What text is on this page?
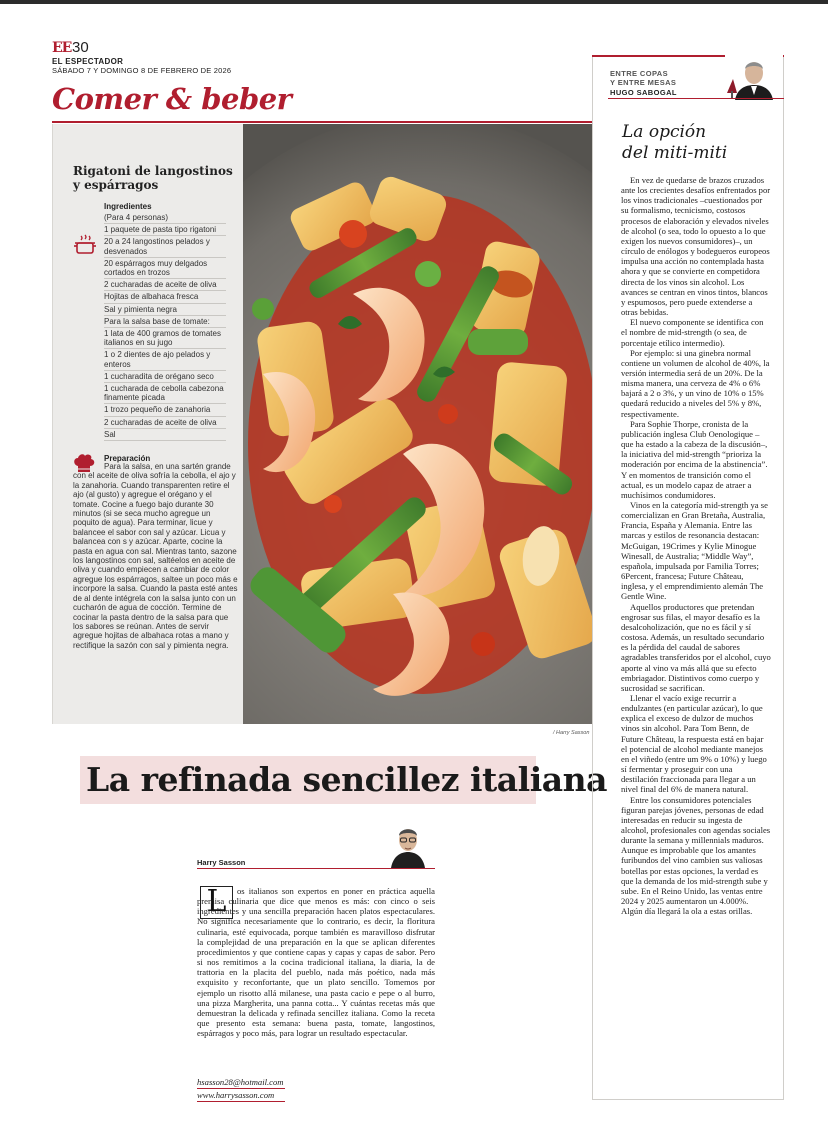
EE 30
EL ESPECTADOR
SÁBADO 7 Y DOMINGO 8 DE FEBRERO DE 2026
Comer & beber
Rigatoni de langostinos y espárragos
Ingredientes
(Para 4 personas)
1 paquete de pasta tipo rigatoni
20 a 24 langostinos pelados y desvenados
20 espárragos muy delgados cortados en trozos
2 cucharadas de aceite de oliva
Hojitas de albahaca fresca
Sal y pimienta negra
Para la salsa base de tomate:
1 lata de 400 gramos de tomates italianos en su jugo
1 o 2 dientes de ajo pelados y enteros
1 cucharadita de orégano seco
1 cucharada de cebolla cabezona finamente picada
1 trozo pequeño de zanahoria
2 cucharadas de aceite de oliva
Sal
Preparación
Para la salsa, en una sartén grande con el aceite de oliva sofría la cebolla, el ajo y la zanahoria. Cuando transparenten retire el ajo (al gusto) y agregue el orégano y el tomate. Cocine a fuego bajo durante 30 minutos (si se seca mucho agregue un poquito de agua). Para terminar, licue y balancee el sabor con sal y azúcar. Licua y balancea con s y azúcar. Aparte, cocine la pasta en agua con sal. Mientras tanto, sazone los langostinos con sal, saltéelos en aceite de oliva y cuando empiecen a cambiar de color agregue los espárragos, saltee un poco más e incorpore la salsa. Cuando la pasta esté antes de al dente intégrela con la salsa junto con un cucharón de agua de cocción. Termine de cocinar la pasta dentro de la salsa para que los sabores se reúnan. Antes de servir agregue hojitas de albahaca rotas a mano y rectifique la sazón con sal y pimienta negra.
/ Harry Sasson
La refinada sencillez italiana
Harry Sasson
L	os italianos son expertos en poner en práctica aquella premisa culinaria que dice que menos es más: con cinco o seis ingredientes y una sencilla preparación hacen platos espectaculares. No significa necesariamente que lo contrario, es decir, la floritura culinaria, esté equivocada, porque también es maravilloso disfrutar la complejidad de una preparación en la que se aplican diferentes procedimientos y que contiene capas y capas y capas de sabor. Pero si nos remitimos a la cocina tradicional italiana, la diaria, la de trattoria en la placita del pueblo, nada más poético, nada más exquisito y reconfortante, que un plato sencillo. Tomemos por ejemplo un risotto allá milanese, una pasta cacio e pepe o al burro, una pizza Margherita, una panna cotta... Y cuántas recetas más que demuestran la delicada y refinada sencillez italiana. Como la receta que presento esta semana: buena pasta, tomate, langostinos, espárragos y poco más, para lograr un resultado espectacular.

hsasson28@hotmail.com
www.harrysasson.com
ENTRE COPAS
Y ENTRE MESAS
HUGO SABOGAL
La opción
del miti-miti

En vez de quedarse de brazos cruzados ante los crecientes desafíos enfrentados por los vinos tradicionales –cuestionados por su formalismo, tecnicismo, costosos procesos de elaboración y elevados niveles de alcohol (o sea, todo lo opuesto a lo que exigen los nuevos consumidores)–, un círculo de enólogos y bodegueros europeos impulsa una acción no contemplada hasta ahora y que se convierte en competidora directa de los vinos sin alcohol. Los avances se centran en vinos tintos, blancos y espumosos, pero puede extenderse a otras bebidas.

El nuevo componente se identifica con el nombre de mid-strength (o sea, de porcentaje etílico intermedio).

Por ejemplo: si una ginebra normal contiene un volumen de alcohol de 40%, la versión intermedia será de un 20%. De la misma manera, una cerveza de 4% o 6% bajará a 2 o 3%, y un vino de 10% o 15% quedará reducido a niveles del 5% y 8%, respectivamente.

Para Sophie Thorpe, cronista de la publicación inglesa Club Oenologique –que ha estado a la cabeza de la discusión–, la iniciativa del mid-strength “prioriza la moderación por encima de la abstinencia”. Y en momentos de transición como el actual, es un modelo capaz de atraer a muchísimos condumidores.

Vinos en la categoría mid-strength ya se comercializan en Gran Bretaña, Australia, Francia, España y Alemania. Entre las marcas y estilos de resonancia destacan: McGuigan, 19Crimes y Kylie Minogue Winesall, de Australia; “Middle Way”, española, impulsada por Familia Torres; 6Percent, francesa; Future Château, inglesa, y el emprendimiento alemán The Gentle Wine.

Aquellos productores que pretendan engrosar sus filas, el mayor desafío es la desalcoholización, que no es fácil y sí costosa. Además, un resultado secundario es la pérdida del caudal de sabores agradables transferidos por el alcohol, cuyo aporte al vino va más allá que su efecto embriagador. Distintivos como cuerpo y sucrosidad se sacrifican.

Llenar el vacío exige recurrir a endulzantes (en particular azúcar), lo que explica el exceso de dulzor de muchos vinos sin alcohol. Para Tom Benn, de Future Château, la respuesta está en bajar el potencial de alcohol mediante manejos en el viñedo (entre um 9% o 10%) y luego sí fermentar y proseguir con una destilación fraccionada para llegar a un nivel final del 6% de manera natural.

Entre los consumidores potenciales figuran parejas jóvenes, personas de edad interesadas en reducir su ingesta de alcohol, profesionales con agendas sociales durante la semana y millennials maduros. Aunque es improbable que los amantes furibundos del vino cambien sus valiosas botellas por estas opciones, la verdad es que la demanda de los mid-strength sube y sube. En el Reino Unido, las ventas entre 2024 y 2025 aumentaron un 4.000%. Algún día llegará la ola a estas orillas.
